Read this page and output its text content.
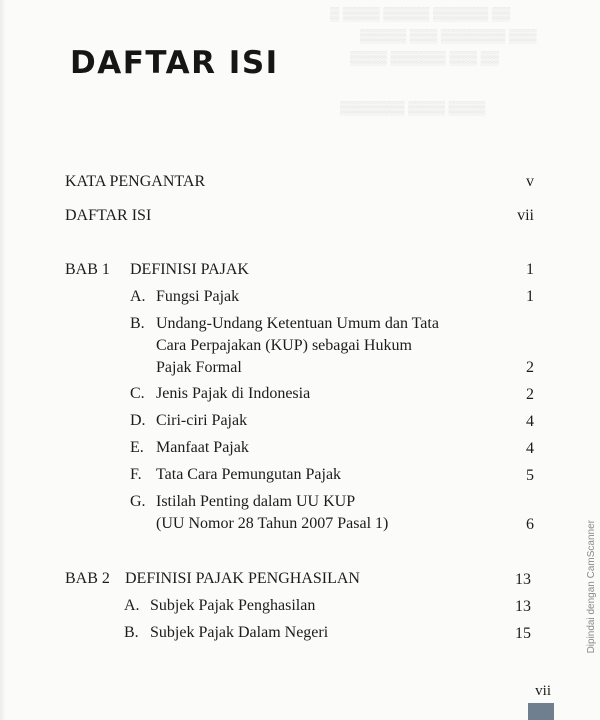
▒ ▒▒▒▒ ▒▒▒▒▒ ▒▒▒▒▒▒ ▒▒
▒▒▒▒▒ ▒▒▒ ▒▒▒▒▒▒▒ ▒▒▒
▒▒▒▒ ▒▒▒▒▒▒ ▒▒▒ ▒▒
▒▒▒▒▒▒▒ ▒▒▒▒ ▒▒▒▒
DAFTAR ISI
KATA PENGANTAR	v
DAFTAR ISI	vii
BAB 1 DEFINISI PAJAK	1
A. Fungsi Pajak	1
B. Undang-Undang Ketentuan Umum dan Tata
Cara Perpajakan (KUP) sebagai Hukum
Pajak Formal	2
C. Jenis Pajak di Indonesia	2
D. Ciri-ciri Pajak	4
E. Manfaat Pajak	4
F. Tata Cara Pemungutan Pajak	5
G. Istilah Penting dalam UU KUP
(UU Nomor 28 Tahun 2007 Pasal 1)	6
BAB 2 DEFINISI PAJAK PENGHASILAN	13
A. Subjek Pajak Penghasilan	13
B. Subjek Pajak Dalam Negeri	15
vii
Dipindai dengan CamScanner
